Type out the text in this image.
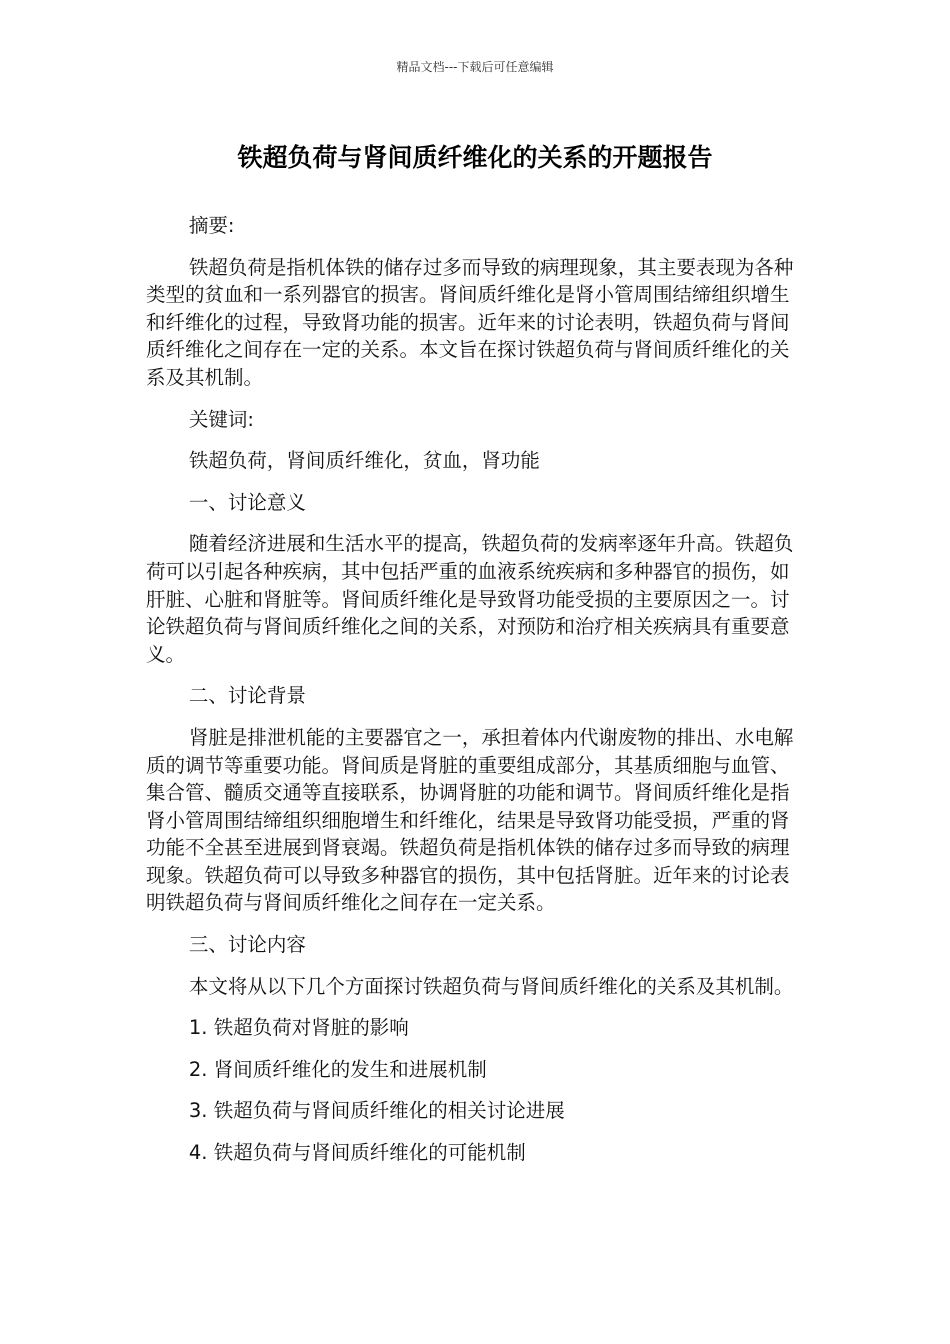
精品文档---下载后可任意编辑
铁超负荷与肾间质纤维化的关系的开题报告

摘要:

铁超负荷是指机体铁的储存过多而导致的病理现象，其主要表现为各种类型的贫血和一系列器官的损害。肾间质纤维化是肾小管周围结缔组织增生和纤维化的过程，导致肾功能的损害。近年来的讨论表明，铁超负荷与肾间质纤维化之间存在一定的关系。本文旨在探讨铁超负荷与肾间质纤维化的关系及其机制。

关键词:

铁超负荷，肾间质纤维化，贫血，肾功能

一、讨论意义

随着经济进展和生活水平的提高，铁超负荷的发病率逐年升高。铁超负荷可以引起各种疾病，其中包括严重的血液系统疾病和多种器官的损伤，如肝脏、心脏和肾脏等。肾间质纤维化是导致肾功能受损的主要原因之一。讨论铁超负荷与肾间质纤维化之间的关系，对预防和治疗相关疾病具有重要意义。

二、讨论背景

肾脏是排泄机能的主要器官之一，承担着体内代谢废物的排出、水电解质的调节等重要功能。肾间质是肾脏的重要组成部分，其基质细胞与血管、集合管、髓质交通等直接联系，协调肾脏的功能和调节。肾间质纤维化是指肾小管周围结缔组织细胞增生和纤维化，结果是导致肾功能受损，严重的肾功能不全甚至进展到肾衰竭。铁超负荷是指机体铁的储存过多而导致的病理现象。铁超负荷可以导致多种器官的损伤，其中包括肾脏。近年来的讨论表明铁超负荷与肾间质纤维化之间存在一定关系。

三、讨论内容

本文将从以下几个方面探讨铁超负荷与肾间质纤维化的关系及其机制。

1. 铁超负荷对肾脏的影响

2. 肾间质纤维化的发生和进展机制

3. 铁超负荷与肾间质纤维化的相关讨论进展

4. 铁超负荷与肾间质纤维化的可能机制
